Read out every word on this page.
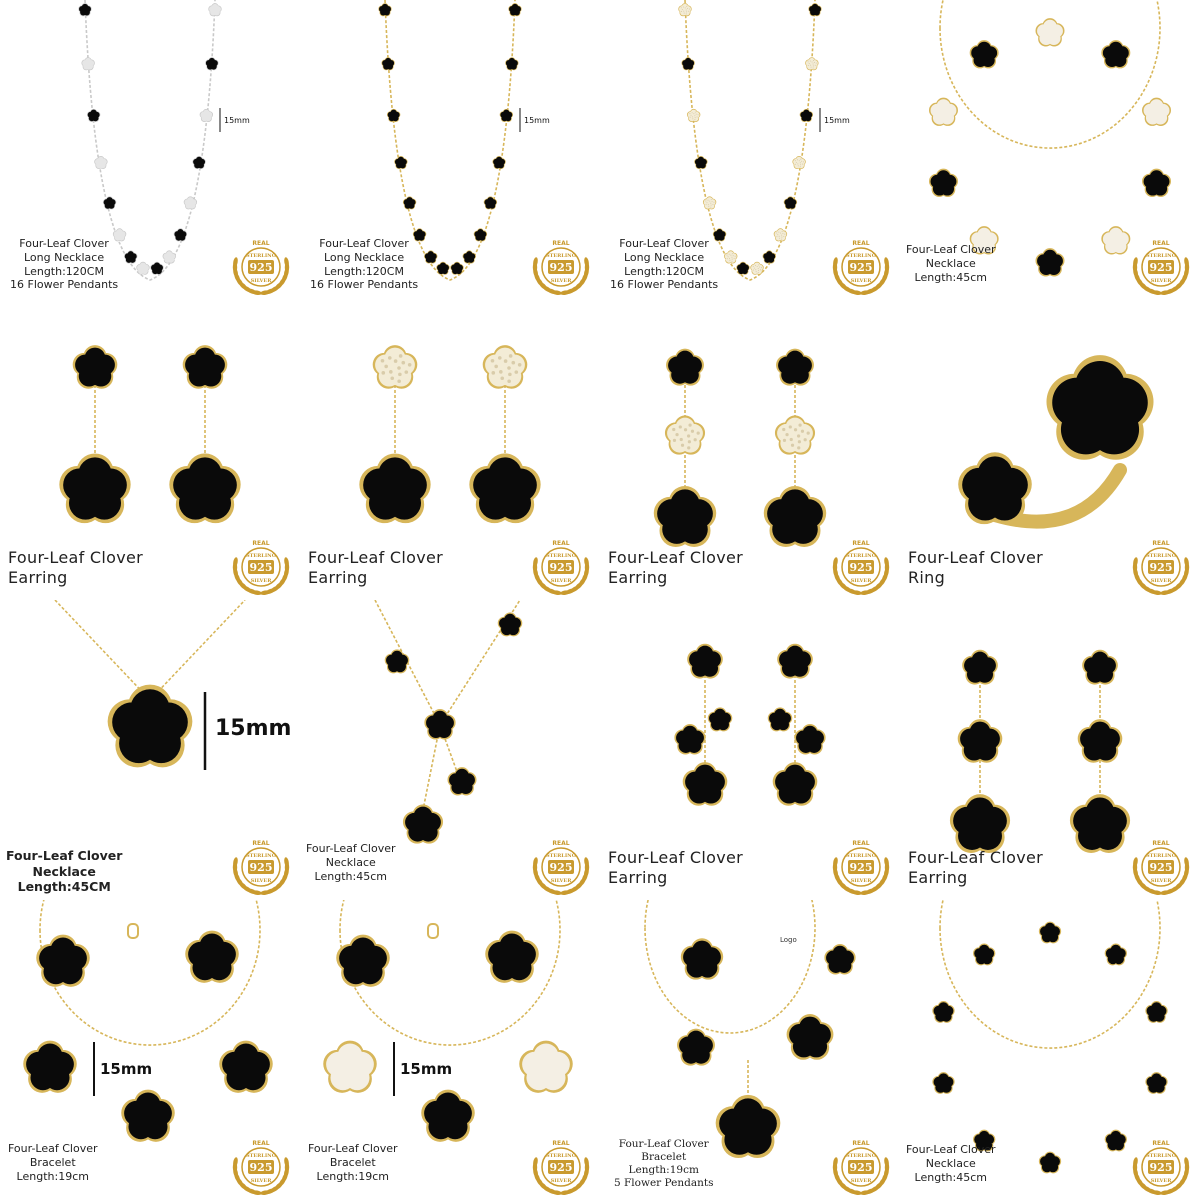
Four-Leaf Clover
Long Necklace
Length:120CM
16 Flower Pendants
15mm
REAL
STERLING
925
SILVER
Four-Leaf Clover
Long Necklace
Length:120CM
16 Flower Pendants
15mm
REAL
STERLING
925
SILVER
Four-Leaf Clover
Long Necklace
Length:120CM
16 Flower Pendants
15mm
REAL
STERLING
925
SILVER
Four-Leaf Clover
Necklace
Length:45cm
REAL
STERLING
925
SILVER
Four-Leaf Clover
Earring
REAL
STERLING
925
SILVER
Four-Leaf Clover
Earring
REAL
STERLING
925
SILVER
Four-Leaf Clover
Earring
REAL
STERLING
925
SILVER
Four-Leaf Clover
Ring
REAL
STERLING
925
SILVER
Four-Leaf Clover
Necklace
Length:45CM
15mm
REAL
STERLING
925
SILVER
Four-Leaf Clover
Necklace
Length:45cm
REAL
STERLING
925
SILVER
Four-Leaf Clover
Earring
REAL
STERLING
925
SILVER
Four-Leaf Clover
Earring
REAL
STERLING
925
SILVER
Four-Leaf Clover
Bracelet
Length:19cm
15mm
REAL
STERLING
925
SILVER
Four-Leaf Clover
Bracelet
Length:19cm
15mm
REAL
STERLING
925
SILVER
Logo
Four-Leaf Clover
Bracelet
Length:19cm
5 Flower Pendants
REAL
STERLING
925
SILVER
Four-Leaf Clover
Necklace
Length:45cm
REAL
STERLING
925
SILVER
